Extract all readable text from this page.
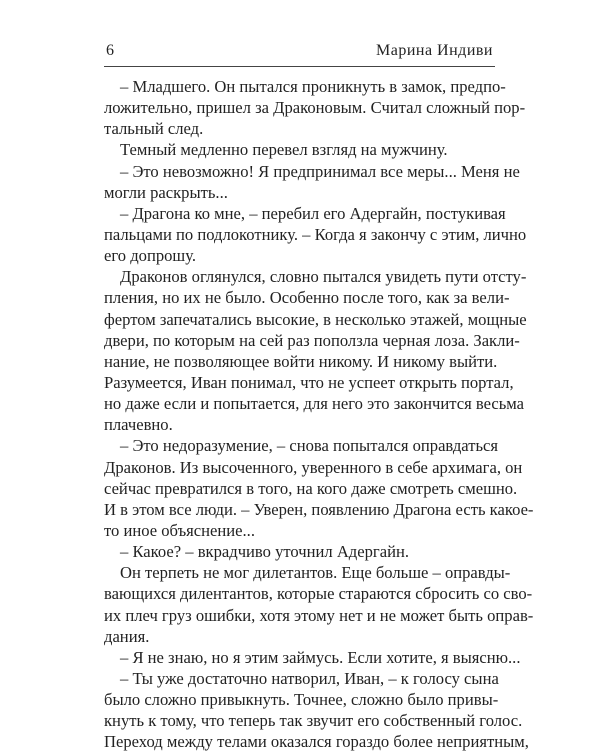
6	Марина Индиви
– Младшего. Он пытался проникнуть в замок, предпо-
ложительно, пришел за Драконовым. Считал сложный пор-
тальный след.
Темный медленно перевел взгляд на мужчину.
– Это невозможно! Я предпринимал все меры... Меня не
могли раскрыть...
– Драгона ко мне, – перебил его Адергайн, постукивая
пальцами по подлокотнику. – Когда я закончу с этим, лично
его допрошу.
Драконов оглянулся, словно пытался увидеть пути отсту-
пления, но их не было. Особенно после того, как за вели-
фертом запечатались высокие, в несколько этажей, мощные
двери, по которым на сей раз поползла черная лоза. Закли-
нание, не позволяющее войти никому. И никому выйти.
Разумеется, Иван понимал, что не успеет открыть портал,
но даже если и попытается, для него это закончится весьма
плачевно.
– Это недоразумение, – снова попытался оправдаться
Драконов. Из высоченного, уверенного в себе архимага, он
сейчас превратился в того, на кого даже смотреть смешно.
И в этом все люди. – Уверен, появлению Драгона есть какое-
то иное объяснение...
– Какое? – вкрадчиво уточнил Адергайн.
Он терпеть не мог дилетантов. Еще больше – оправды-
вающихся дилентантов, которые стараются сбросить со сво-
их плеч груз ошибки, хотя этому нет и не может быть оправ-
дания.
– Я не знаю, но я этим займусь. Если хотите, я выясню...
– Ты уже достаточно натворил, Иван, – к голосу сына
было сложно привыкнуть. Точнее, сложно было привы-
кнуть к тому, что теперь так звучит его собственный голос.
Переход между телами оказался гораздо более неприятным,
